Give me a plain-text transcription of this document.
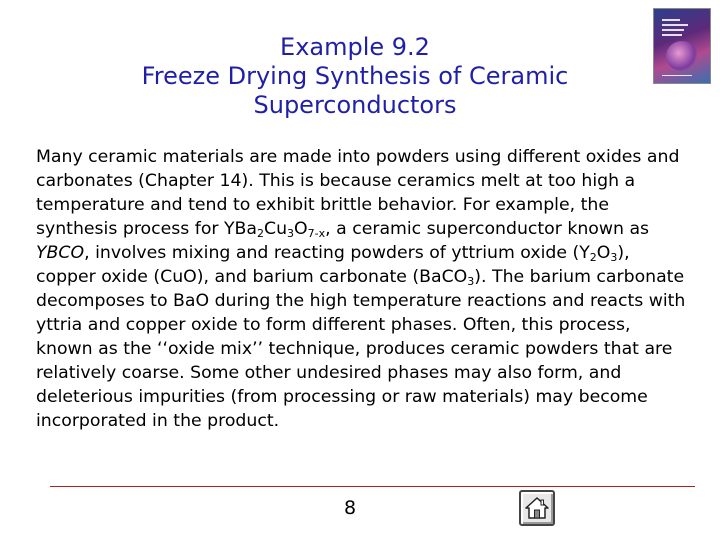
Example 9.2
Freeze Drying Synthesis of Ceramic
Superconductors

Many ceramic materials are made into powders using different oxides and carbonates (Chapter 14). This is because ceramics melt at too high a temperature and tend to exhibit brittle behavior. For example, the synthesis process for $YBa_2Cu_3O_{7-x}$, a ceramic superconductor known as YBCO, involves mixing and reacting powders of yttrium oxide $(Y_2O_3)$, copper oxide (CuO), and barium carbonate (BaCO$_3$). The barium carbonate decomposes to BaO during the high temperature reactions and reacts with yttria and copper oxide to form different phases. Often, this process, known as the ‘‘oxide mix’’ technique, produces ceramic powders that are relatively coarse. Some other undesired phases may also form, and deleterious impurities (from processing or raw materials) may become incorporated in the product.

8
